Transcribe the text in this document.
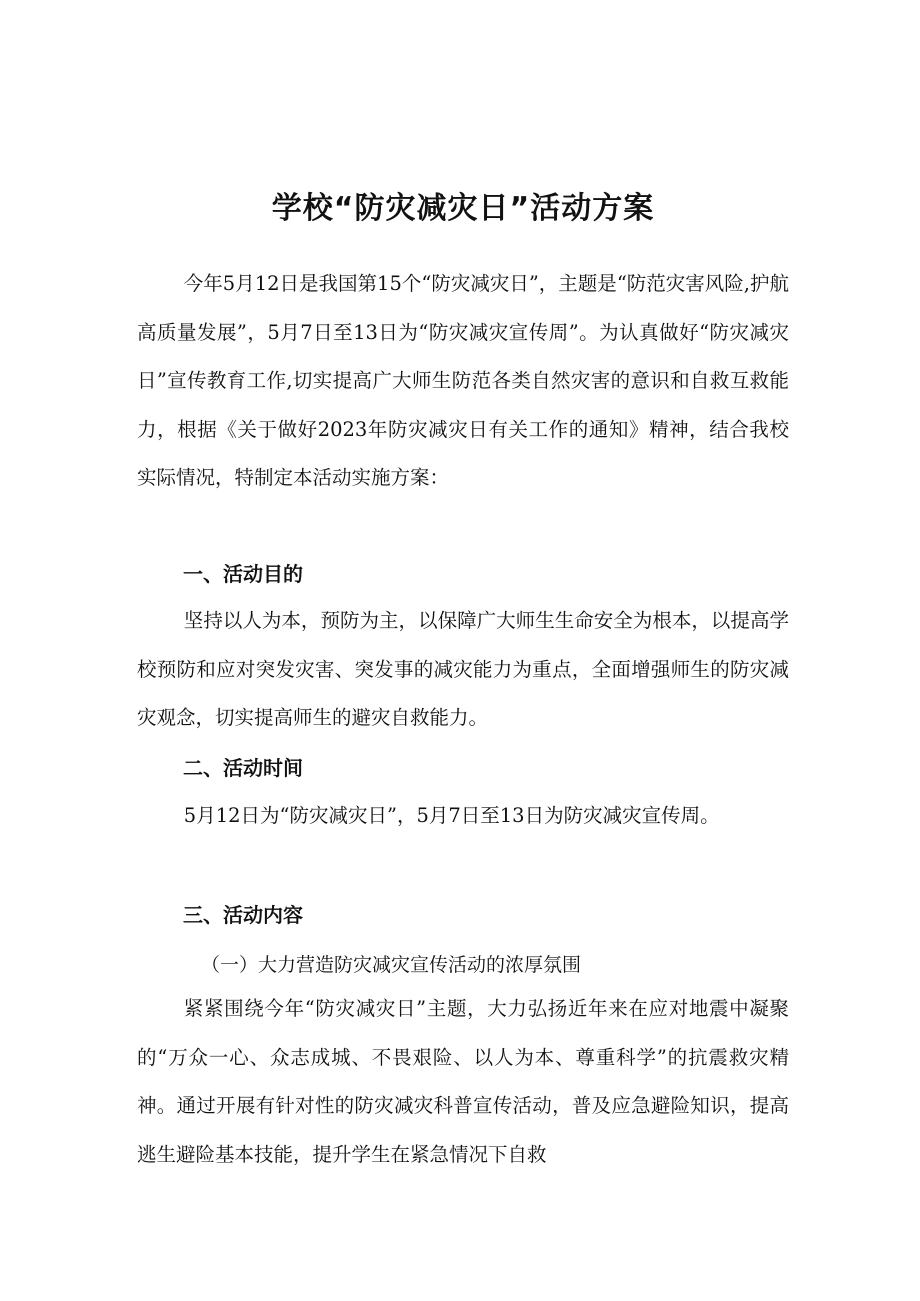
学校“防灾减灾日”活动方案

今年5月12日是我国第15个“防灾减灾日”，主题是“防范灾害风险,护航高质量发展”，5月7日至13日为“防灾减灾宣传周”。为认真做好“防灾减灾日”宣传教育工作,切实提高广大师生防范各类自然灾害的意识和自救互救能力，根据《关于做好2023年防灾减灾日有关工作的通知》精神，结合我校实际情况，特制定本活动实施方案：

一、活动目的

坚持以人为本，预防为主，以保障广大师生生命安全为根本，以提高学校预防和应对突发灾害、突发事的减灾能力为重点，全面增强师生的防灾减灾观念，切实提高师生的避灾自救能力。

二、活动时间

5月12日为“防灾减灾日”，5月7日至13日为防灾减灾宣传周。

三、活动内容

（一）大力营造防灾减灾宣传活动的浓厚氛围

紧紧围绕今年“防灾减灾日”主题，大力弘扬近年来在应对地震中凝聚的“万众一心、众志成城、不畏艰险、以人为本、尊重科学”的抗震救灾精神。通过开展有针对性的防灾减灾科普宣传活动，普及应急避险知识，提高逃生避险基本技能，提升学生在紧急情况下自救
